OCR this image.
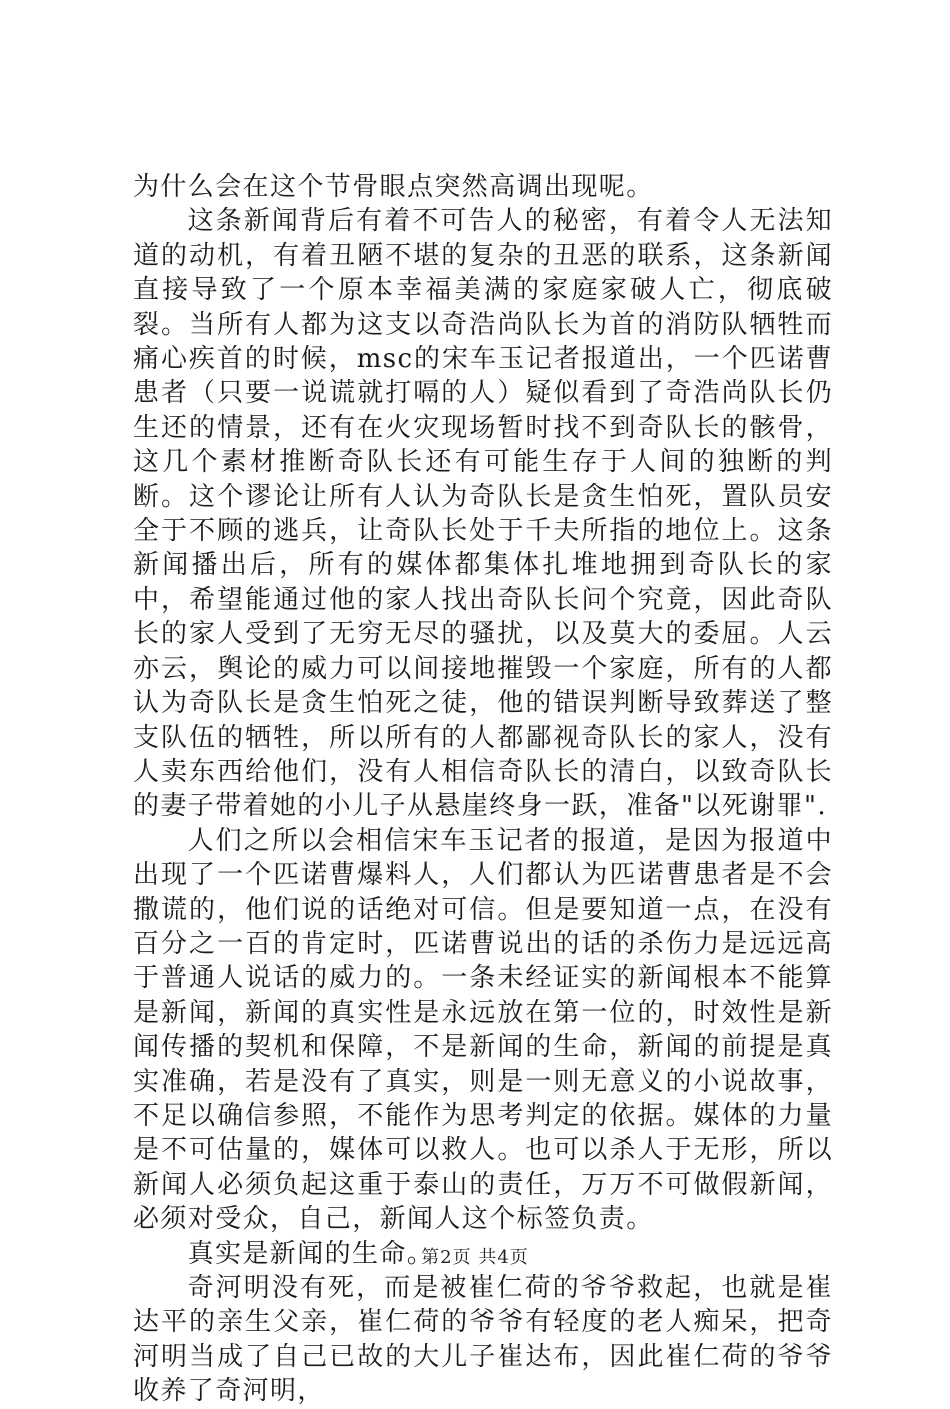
为什么会在这个节骨眼点突然高调出现呢。

这条新闻背后有着不可告人的秘密，有着令人无法知道的动机，有着丑陋不堪的复杂的丑恶的联系，这条新闻直接导致了一个原本幸福美满的家庭家破人亡，彻底破裂。当所有人都为这支以奇浩尚队长为首的消防队牺牲而痛心疾首的时候，msc的宋车玉记者报道出，一个匹诺曹患者（只要一说谎就打嗝的人）疑似看到了奇浩尚队长仍生还的情景，还有在火灾现场暂时找不到奇队长的骸骨，这几个素材推断奇队长还有可能生存于人间的独断的判断。这个谬论让所有人认为奇队长是贪生怕死，置队员安全于不顾的逃兵，让奇队长处于千夫所指的地位上。这条新闻播出后，所有的媒体都集体扎堆地拥到奇队长的家中，希望能通过他的家人找出奇队长问个究竟，因此奇队长的家人受到了无穷无尽的骚扰，以及莫大的委屈。人云亦云，舆论的威力可以间接地摧毁一个家庭，所有的人都认为奇队长是贪生怕死之徒，他的错误判断导致葬送了整支队伍的牺牲，所以所有的人都鄙视奇队长的家人，没有人卖东西给他们，没有人相信奇队长的清白，以致奇队长的妻子带着她的小儿子从悬崖终身一跃，准备"以死谢罪".

人们之所以会相信宋车玉记者的报道，是因为报道中出现了一个匹诺曹爆料人，人们都认为匹诺曹患者是不会撒谎的，他们说的话绝对可信。但是要知道一点，在没有百分之一百的肯定时，匹诺曹说出的话的杀伤力是远远高于普通人说话的威力的。一条未经证实的新闻根本不能算是新闻，新闻的真实性是永远放在第一位的，时效性是新闻传播的契机和保障，不是新闻的生命，新闻的前提是真实准确，若是没有了真实，则是一则无意义的小说故事，不足以确信参照，不能作为思考判定的依据。媒体的力量是不可估量的，媒体可以救人。也可以杀人于无形，所以新闻人必须负起这重于泰山的责任，万万不可做假新闻，必须对受众，自己，新闻人这个标签负责。

真实是新闻的生命。

奇河明没有死，而是被崔仁荷的爷爷救起，也就是崔达平的亲生父亲，崔仁荷的爷爷有轻度的老人痴呆，把奇河明当成了自己已故的大儿子崔达布，因此崔仁荷的爷爷收养了奇河明，

第2页 共4页
